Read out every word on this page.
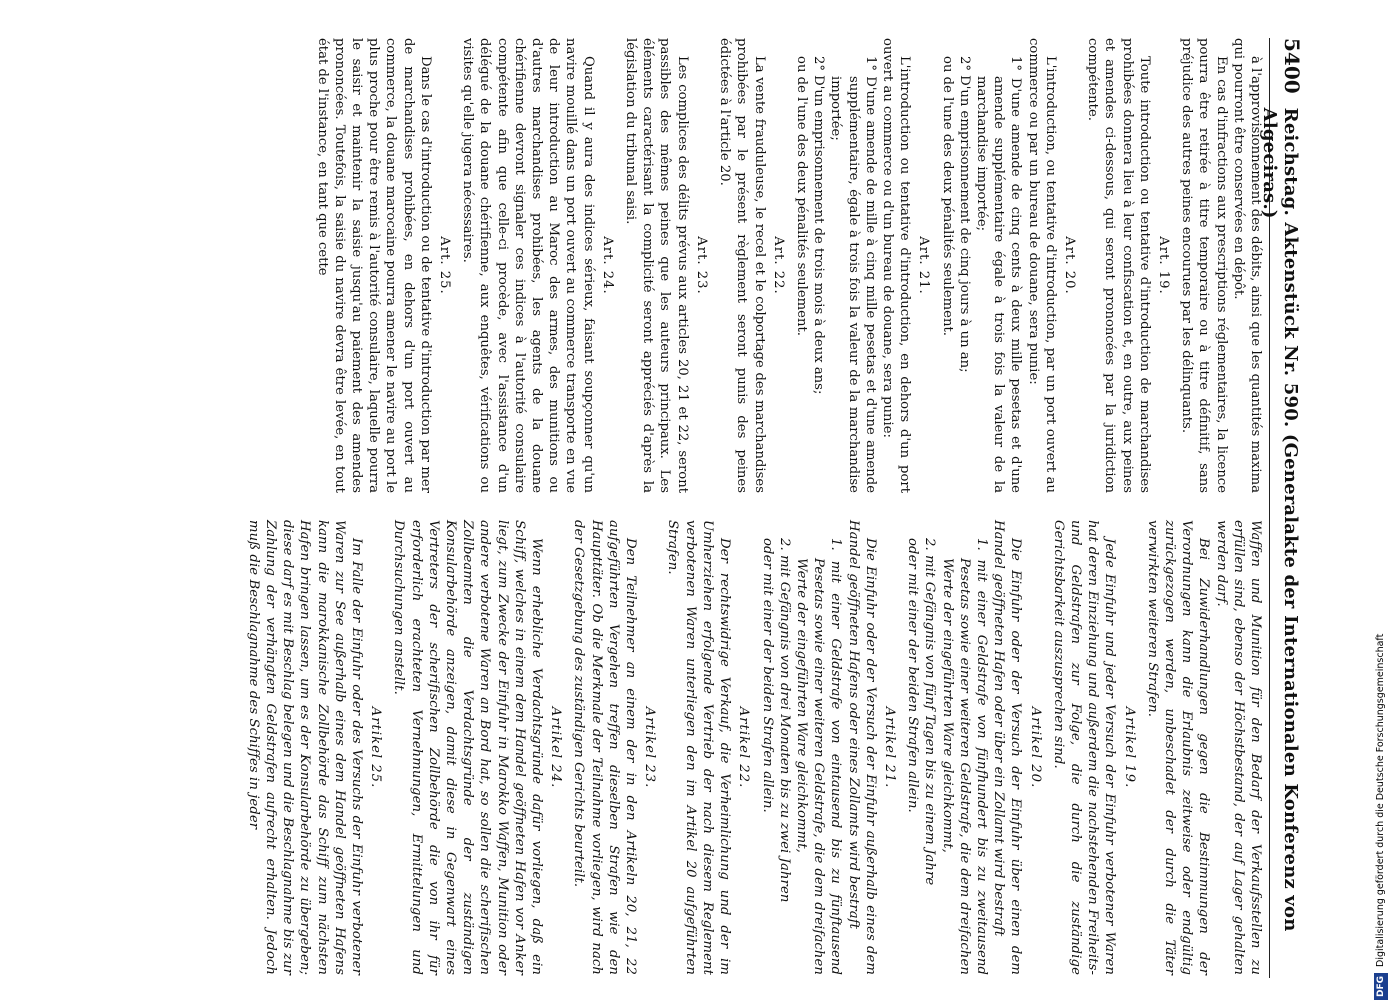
5400
Reichstag. Aktenstück Nr. 590. (Generalakte der Internationalen Konferenz von Algeciras.)

à l'approvisionnement des débits, ainsi que les quantités maxima qui pourront être conservées en dépôt.

En cas d'infractions aux prescriptions réglementaires, la licence pourra être retirée à titre temporaire ou à titre définitif, sans préjudice des autres peines encourues par les délinquants.

Art. 19.

Toute introduction ou tentative d'introduction de marchandises prohibées donnera lieu à leur confiscation et, en outre, aux peines et amendes ci-dessous, qui seront prononcées par la juridiction compétente.

Art. 20.

L'introduction, ou tentative d'introduction, par un port ouvert au commerce ou par un bureau de douane, sera punie:

1° D'une amende de cinq cents à deux mille pesetas et d'une amende supplémentaire égale à trois fois la valeur de la marchandise importée;

2° D'un emprisonnement de cinq jours à un an;

ou de l'une des deux pénalités seulement.

Art. 21.

L'introduction ou tentative d'introduction, en dehors d'un port ouvert au commerce ou d'un bureau de douane, sera punie:

1° D'une amende de mille à cinq mille pesetas et d'une amende supplémentaire, égale à trois fois la valeur de la marchandise importée;

2° D'un emprisonnement de trois mois à deux ans;

ou de l'une des deux pénalités seulement.

Art. 22.

La vente frauduleuse, le recel et le colportage des marchandises prohibées par le présent règlement seront punis des peines édictées à l'article 20.

Art. 23.

Les complices des délits prévus aux articles 20, 21 et 22, seront passibles des mêmes peines que les auteurs principaux. Les éléments caractérisant la complicité seront appréciés d'après la législation du tribunal saisi.

Art. 24.

Quand il y aura des indices sérieux, faisant soupçonner qu'un navire mouillé dans un port ouvert au commerce transporte en vue de leur introduction au Maroc des armes, des munitions ou d'autres marchandises prohibées, les agents de la douane chérifienne devront signaler ces indices à l'autorité consulaire compétente afin que celle-ci procède, avec l'assistance d'un délégué de la douane chérifienne, aux enquêtes, vérifications ou visites qu'elle jugera nécessaires.

Art. 25.

Dans le cas d'introduction ou de tentative d'introduction par mer de marchandises prohibées, en dehors d'un port ouvert au commerce, la douane marocaine pourra amener le navire au port le plus proche pour être remis à l'autorité consulaire, laquelle pourra le saisir et maintenir la saisie jusqu'au paiement des amendes prononcées. Toutefois, la saisie du navire devra être levée, en tout état de l'instance, en tant que cette

Waffen und Munition für den Bedarf der Verkaufsstellen zu erfüllen sind, ebenso der Höchstbestand, der auf Lager gehalten werden darf.

Bei Zuwiderhandlungen gegen die Bestimmungen der Verordnungen kann die Erlaubnis zeitweise oder endgültig zurückgezogen werden, unbeschadet der durch die Täter verwirkten weiteren Strafen.

Artikel 19.

Jede Einfuhr und jeder Versuch der Einfuhr verbotener Waren hat deren Einziehung und außerdem die nachstehenden Freiheits- und Geldstrafen zur Folge, die durch die zuständige Gerichtsbarkeit auszusprechen sind.

Artikel 20.

Die Einfuhr oder der Versuch der Einfuhr über einen dem Handel geöffneten Hafen oder über ein Zollamt wird bestraft

1. mit einer Geldstrafe von fünfhundert bis zu zweitausend Pesetas sowie einer weiteren Geldstrafe, die dem dreifachen Werte der eingeführten Ware gleichkommt,

2. mit Gefängnis von fünf Tagen bis zu einem Jahre

oder mit einer der beiden Strafen allein.

Artikel 21.

Die Einfuhr oder der Versuch der Einfuhr außerhalb eines dem Handel geöffneten Hafens oder eines Zollamts wird bestraft

1. mit einer Geldstrafe von eintausend bis zu fünftausend Pesetas sowie einer weiteren Geldstrafe, die dem dreifachen Werte der eingeführten Ware gleichkommt,

2. mit Gefängnis von drei Monaten bis zu zwei Jahren

oder mit einer der beiden Strafen allein.

Artikel 22.

Der rechtswidrige Verkauf, die Verheimlichung und der im Umherziehen erfolgende Vertrieb der nach diesem Reglement verbotenen Waren unterliegen den im Artikel 20 aufgeführten Strafen.

Artikel 23.

Den Teilnehmer an einem der in den Artikeln 20, 21, 22 aufgeführten Vergehen treffen dieselben Strafen wie den Haupttäter. Ob die Merkmale der Teilnahme vorliegen, wird nach der Gesetzgebung des zuständigen Gerichts beurteilt.

Artikel 24.

Wenn erhebliche Verdachtsgründe dafür vorliegen, daß ein Schiff, welches in einem dem Handel geöffneten Hafen vor Anker liegt, zum Zwecke der Einfuhr in Marokko Waffen, Munition oder andere verbotene Waren an Bord hat, so sollen die scherifischen Zollbeamten die Verdachtsgründe der zuständigen Konsularbehörde anzeigen, damit diese in Gegenwart eines Vertreters der scherifischen Zollbehörde die von ihr für erforderlich erachteten Vernehmungen, Ermittelungen und Durchsuchungen anstellt.

Artikel 25.

Im Falle der Einfuhr oder des Versuchs der Einfuhr verbotener Waren zur See außerhalb eines dem Handel geöffneten Hafens kann die marokkanische Zollbehörde das Schiff zum nächsten Hafen bringen lassen, um es der Konsularbehörde zu übergeben; diese darf es mit Beschlag belegen und die Beschlagnahme bis zur Zahlung der verhängten Geldstrafen aufrecht erhalten. Jedoch muß die Beschlagnahme des Schiffes in jeder

DFGDigitalisierung gefördert durch die Deutsche Forschungsgemeinschaft
